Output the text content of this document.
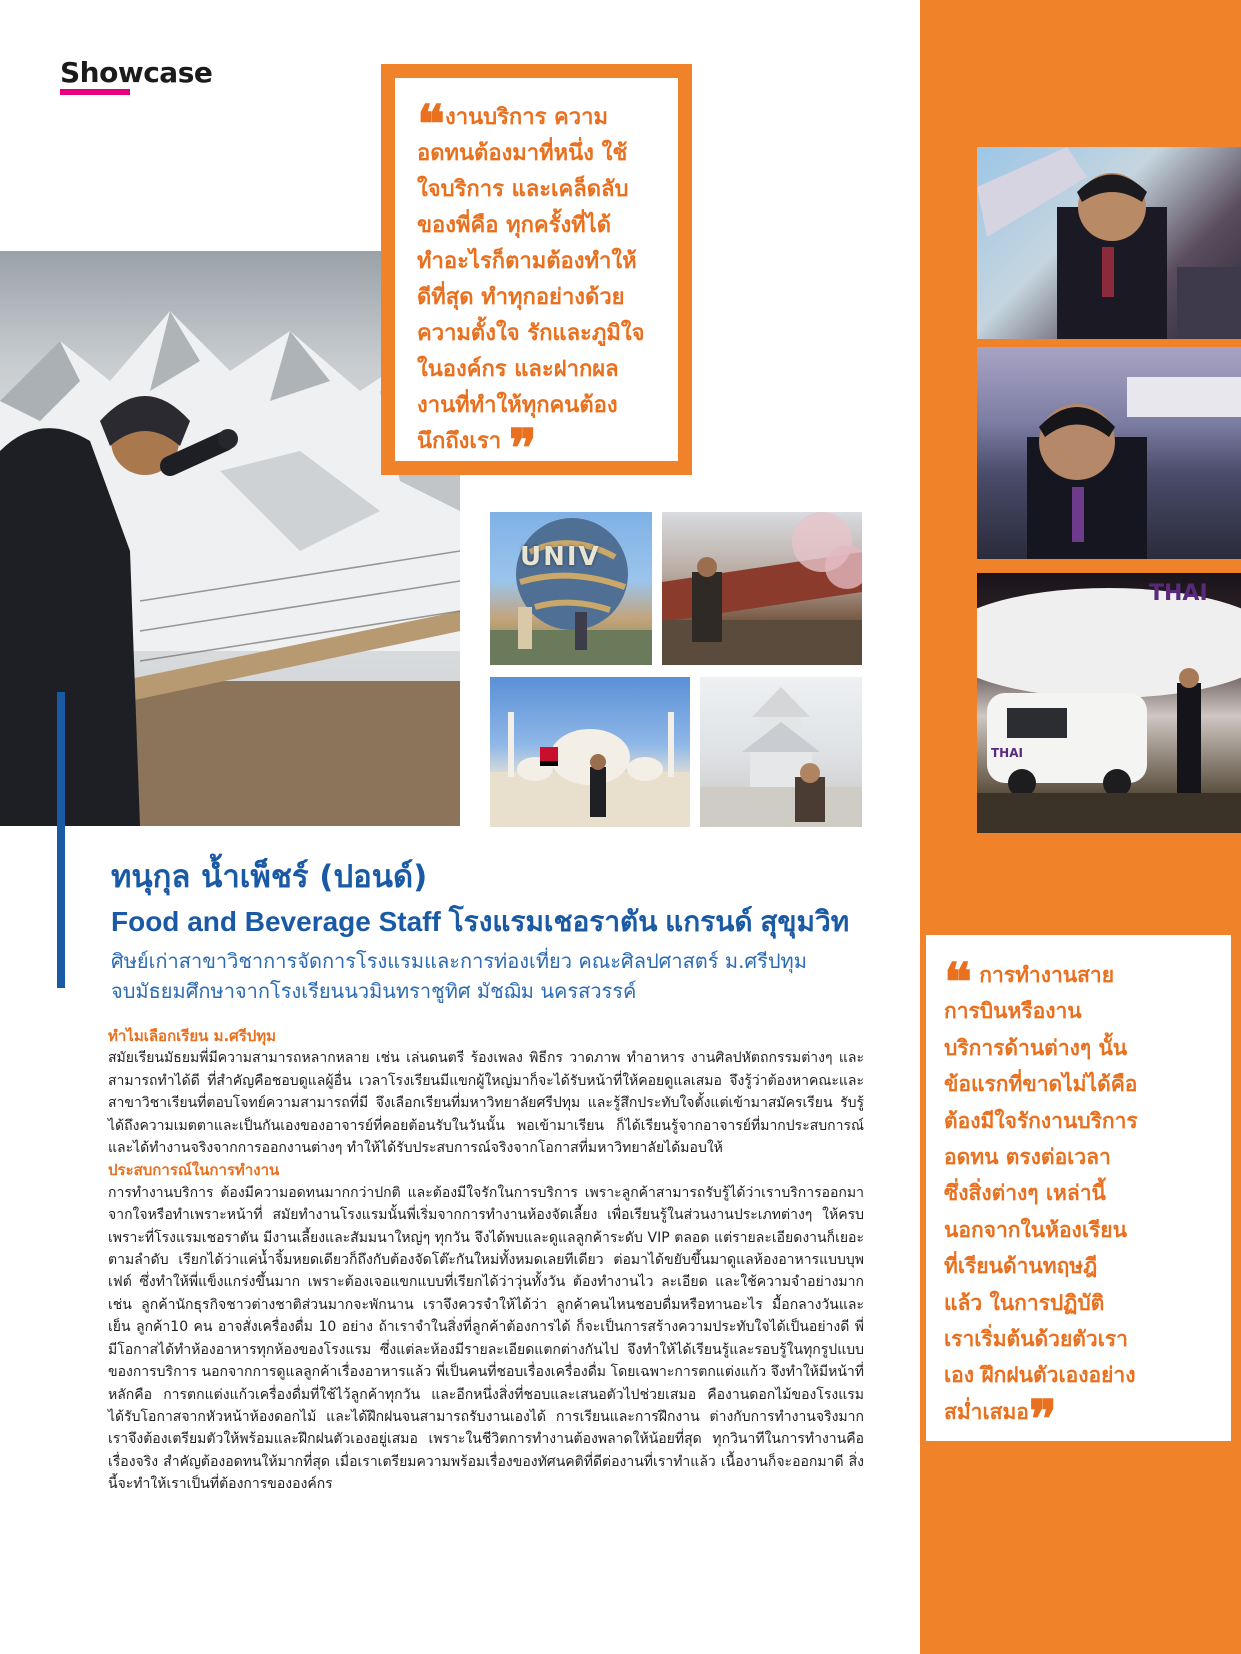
Showcase
UNIV
THAI
THAI
❝งานบริการ ความ
อดทนต้องมาที่หนึ่ง ใช้
ใจบริการ และเคล็ดลับ
ของพี่คือ ทุกครั้งที่ได้
ทำอะไรก็ตามต้องทำให้
ดีที่สุด ทำทุกอย่างด้วย
ความตั้งใจ รักและภูมิใจ
ในองค์กร และฝากผล
งานที่ทำให้ทุกคนต้อง
นึกถึงเรา ❞
❝ การทำงานสาย
การบินหรืองาน
บริการด้านต่างๆ นั้น
ข้อแรกที่ขาดไม่ได้คือ
ต้องมีใจรักงานบริการ
อดทน ตรงต่อเวลา
ซึ่งสิ่งต่างๆ เหล่านี้
นอกจากในห้องเรียน
ที่เรียนด้านทฤษฎี
แล้ว ในการปฏิบัติ
เราเริ่มต้นด้วยตัวเรา
เอง ฝึกฝนตัวเองอย่าง
สม่ำเสมอ❞
ทนุกุล น้ำเพ็ชร์ (ปอนด์)
Food and Beverage Staff โรงแรมเชอราตัน แกรนด์ สุขุมวิท
ศิษย์เก่าสาขาวิชาการจัดการโรงแรมและการท่องเที่ยว คณะศิลปศาสตร์ ม.ศรีปทุม
จบมัธยมศึกษาจากโรงเรียนนวมินทราชูทิศ มัชฌิม นครสวรรค์
ทำไมเลือกเรียน ม.ศรีปทุม

สมัยเรียนมัธยมพี่มีความสามารถหลากหลาย เช่น เล่นดนตรี ร้องเพลง พิธีกร วาดภาพ ทำอาหาร งานศิลปหัตถกรรมต่างๆ และสามารถทำได้ดี ที่สำคัญคือชอบดูแลผู้อื่น เวลาโรงเรียนมีแขกผู้ใหญ่มาก็จะได้รับหน้าที่ให้คอยดูแลเสมอ จึงรู้ว่าต้องหาคณะและสาขาวิชาเรียนที่ตอบโจทย์ความสามารถที่มี จึงเลือกเรียนที่มหาวิทยาลัยศรีปทุม และรู้สึกประทับใจตั้งแต่เข้ามาสมัครเรียน รับรู้ได้ถึงความเมตตาและเป็นกันเองของอาจารย์ที่คอยต้อนรับในวันนั้น พอเข้ามาเรียน ก็ได้เรียนรู้จากอาจารย์ที่มากประสบการณ์ และได้ทำงานจริงจากการออกงานต่างๆ ทำให้ได้รับประสบการณ์จริงจากโอกาสที่มหาวิทยาลัยได้มอบให้

ประสบการณ์ในการทำงาน

การทำงานบริการ ต้องมีความอดทนมากกว่าปกติ และต้องมีใจรักในการบริการ เพราะลูกค้าสามารถรับรู้ได้ว่าเราบริการออกมาจากใจหรือทำเพราะหน้าที่ สมัยทำงานโรงแรมนั้นพี่เริ่มจากการทำงานห้องจัดเลี้ยง เพื่อเรียนรู้ในส่วนงานประเภทต่างๆ ให้ครบ เพราะที่โรงแรมเชอราตัน มีงานเลี้ยงและสัมมนาใหญ่ๆ ทุกวัน จึงได้พบและดูแลลูกค้าระดับ VIP ตลอด แต่รายละเอียดงานก็เยอะตามลำดับ เรียกได้ว่าแค่น้ำจิ้มหยดเดียวก็ถึงกับต้องจัดโต๊ะกันใหม่ทั้งหมดเลยทีเดียว ต่อมาได้ขยับขึ้นมาดูแลห้องอาหารแบบบุพเฟต์ ซึ่งทำให้พี่แข็งแกร่งขึ้นมาก เพราะต้องเจอแขกแบบที่เรียกได้ว่าวุ่นทั้งวัน ต้องทำงานไว ละเอียด และใช้ความจำอย่างมาก เช่น ลูกค้านักธุรกิจชาวต่างชาติส่วนมากจะพักนาน เราจึงควรจำให้ได้ว่า ลูกค้าคนไหนชอบดื่มหรือทานอะไร มื้อกลางวันและเย็น ลูกค้า10 คน อาจสั่งเครื่องดื่ม 10 อย่าง ถ้าเราจำในสิ่งที่ลูกค้าต้องการได้ ก็จะเป็นการสร้างความประทับใจได้เป็นอย่างดี พี่มีโอกาสได้ทำห้องอาหารทุกห้องของโรงแรม ซึ่งแต่ละห้องมีรายละเอียดแตกต่างกันไป จึงทำให้ได้เรียนรู้และรอบรู้ในทุกรูปแบบของการบริการ นอกจากการดูแลลูกค้าเรื่องอาหารแล้ว พี่เป็นคนที่ชอบเรื่องเครื่องดื่ม โดยเฉพาะการตกแต่งแก้ว จึงทำให้มีหน้าที่หลักคือ การตกแต่งแก้วเครื่องดื่มที่ใช้ไว้ลูกค้าทุกวัน และอีกหนึ่งสิ่งที่ชอบและเสนอตัวไปช่วยเสมอ คืองานดอกไม้ของโรงแรม ได้รับโอกาสจากหัวหน้าห้องดอกไม้ และได้ฝึกฝนจนสามารถรับงานเองได้ การเรียนและการฝึกงาน ต่างกับการทำงานจริงมาก เราจึงต้องเตรียมตัวให้พร้อมและฝึกฝนตัวเองอยู่เสมอ เพราะในชีวิตการทำงานต้องพลาดให้น้อยที่สุด ทุกวินาทีในการทำงานคือเรื่องจริง สำคัญต้องอดทนให้มากที่สุด เมื่อเราเตรียมความพร้อมเรื่องของทัศนคติที่ดีต่องานที่เราทำแล้ว เนื้องานก็จะออกมาดี สิ่งนี้จะทำให้เราเป็นที่ต้องการขององค์กร
